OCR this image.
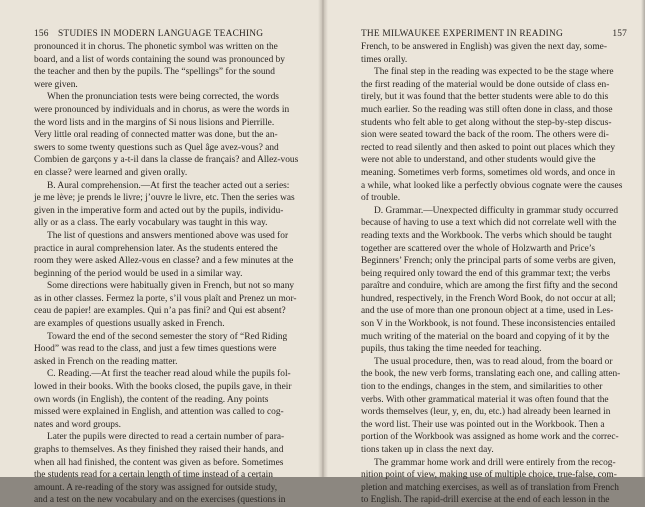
156 STUDIES IN MODERN LANGUAGE TEACHING
pronounced it in chorus. The phonetic symbol was written on the
board, and a list of words containing the sound was pronounced by
the teacher and then by the pupils. The “spellings” for the sound
were given.
When the pronunciation tests were being corrected, the words
were pronounced by individuals and in chorus, as were the words in
the word lists and in the margins of Si nous lisions and Pierrille.
Very little oral reading of connected matter was done, but the an-
swers to some twenty questions such as Quel âge avez-vous? and
Combien de garçons y a-t-il dans la classe de français? and Allez-vous
en classe? were learned and given orally.
B. Aural comprehension.—At first the teacher acted out a series:
je me lève; je prends le livre; j’ouvre le livre, etc. Then the series was
given in the imperative form and acted out by the pupils, individu-
ally or as a class. The early vocabulary was taught in this way.
The list of questions and answers mentioned above was used for
practice in aural comprehension later. As the students entered the
room they were asked Allez-vous en classe? and a few minutes at the
beginning of the period would be used in a similar way.
Some directions were habitually given in French, but not so many
as in other classes. Fermez la porte, s’il vous plaît and Prenez un mor-
ceau de papier! are examples. Qui n’a pas fini? and Qui est absent?
are examples of questions usually asked in French.
Toward the end of the second semester the story of “Red Riding
Hood” was read to the class, and just a few times questions were
asked in French on the reading matter.
C. Reading.—At first the teacher read aloud while the pupils fol-
lowed in their books. With the books closed, the pupils gave, in their
own words (in English), the content of the reading. Any points
missed were explained in English, and attention was called to cog-
nates and word groups.
Later the pupils were directed to read a certain number of para-
graphs to themselves. As they finished they raised their hands, and
when all had finished, the content was given as before. Sometimes
the students read for a certain length of time instead of a certain
amount. A re-reading of the story was assigned for outside study,
and a test on the new vocabulary and on the exercises (questions in
THE MILWAUKEE EXPERIMENT IN READING	157
French, to be answered in English) was given the next day, some-
times orally.
The final step in the reading was expected to be the stage where
the first reading of the material would be done outside of class en-
tirely, but it was found that the better students were able to do this
much earlier. So the reading was still often done in class, and those
students who felt able to get along without the step-by-step discus-
sion were seated toward the back of the room. The others were di-
rected to read silently and then asked to point out places which they
were not able to understand, and other students would give the
meaning. Sometimes verb forms, sometimes old words, and once in
a while, what looked like a perfectly obvious cognate were the causes
of trouble.
D. Grammar.—Unexpected difficulty in grammar study occurred
because of having to use a text which did not correlate well with the
reading texts and the Workbook. The verbs which should be taught
together are scattered over the whole of Holzwarth and Price’s
Beginners’ French; only the principal parts of some verbs are given,
being required only toward the end of this grammar text; the verbs
paraître and conduire, which are among the first fifty and the second
hundred, respectively, in the French Word Book, do not occur at all;
and the use of more than one pronoun object at a time, used in Les-
son V in the Workbook, is not found. These inconsistencies entailed
much writing of the material on the board and copying of it by the
pupils, thus taking the time needed for teaching.
The usual procedure, then, was to read aloud, from the board or
the book, the new verb forms, translating each one, and calling atten-
tion to the endings, changes in the stem, and similarities to other
verbs. With other grammatical material it was often found that the
words themselves (leur, y, en, du, etc.) had already been learned in
the word list. Their use was pointed out in the Workbook. Then a
portion of the Workbook was assigned as home work and the correc-
tions taken up in class the next day.
The grammar home work and drill were entirely from the recog-
nition point of view, making use of multiple choice, true-false, com-
pletion and matching exercises, as well as of translation from French
to English. The rapid-drill exercise at the end of each lesson in the
